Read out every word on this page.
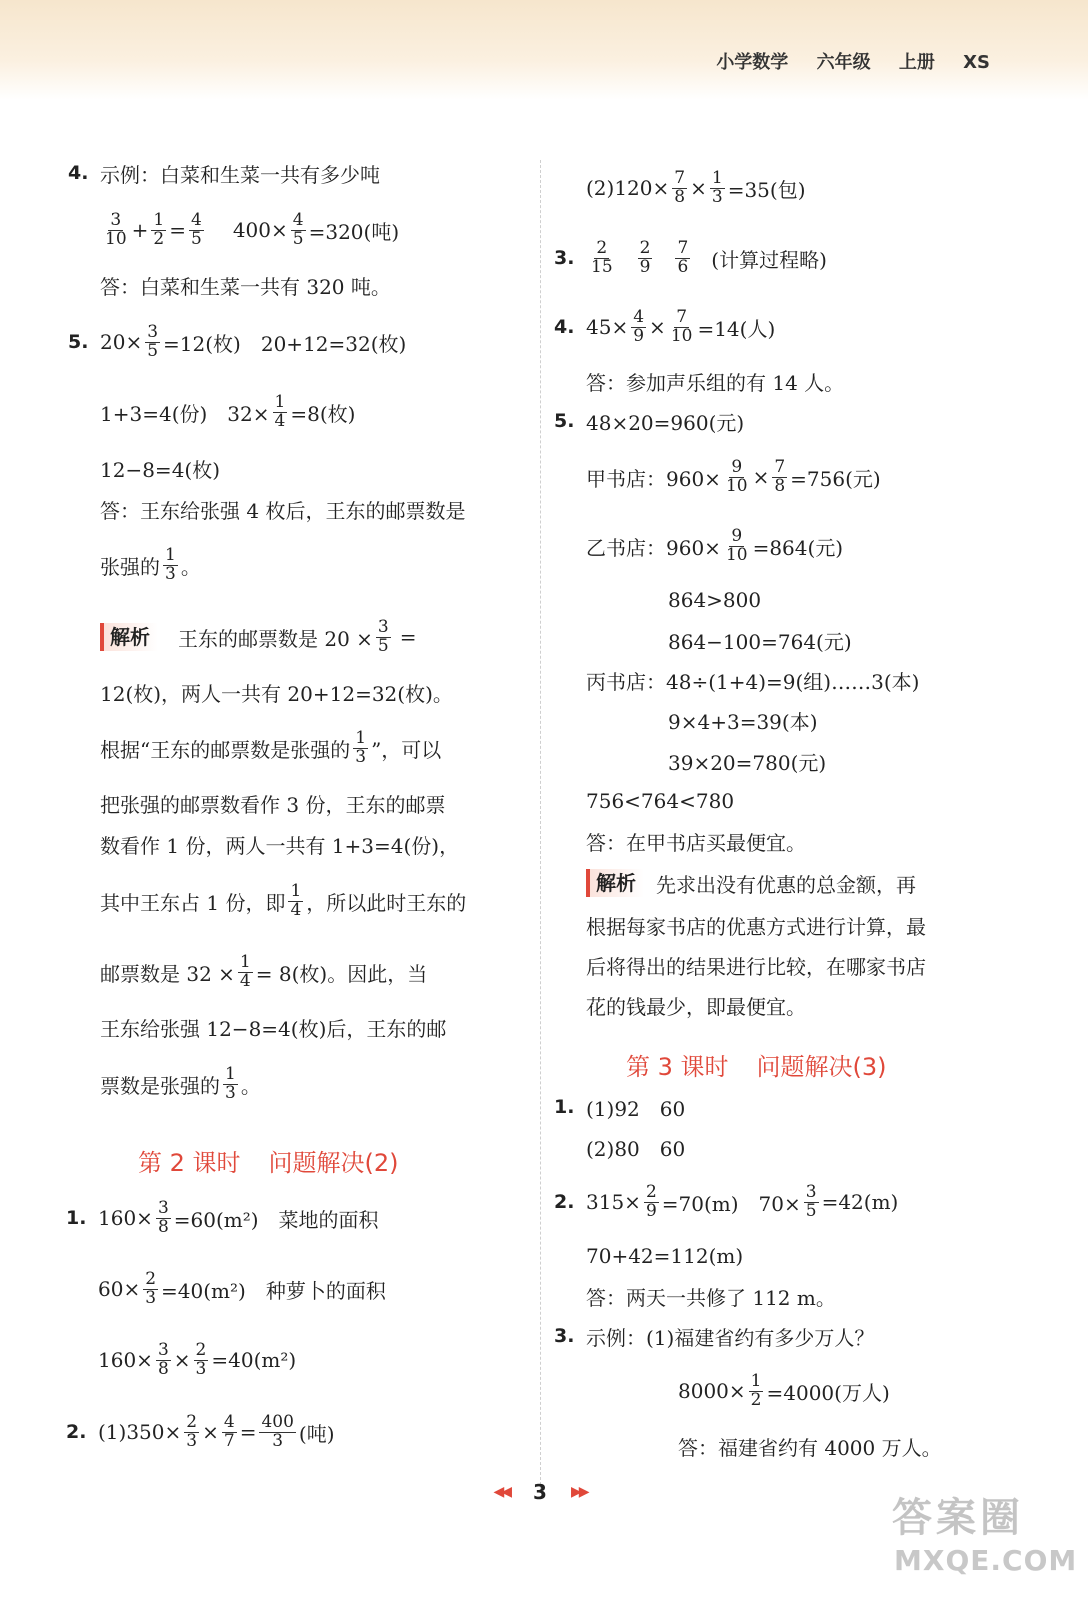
小学数学 六年级 上册 XS
4. 示例：白菜和生菜一共有多少吨
$\frac{3}{10} + \frac{1}{2} = \frac{4}{5} 400\times \frac{4}{5} =320$(吨)
答：白菜和生菜一共有 320 吨。
5. $20\times \frac{3}{5} =12$(枚)　20+12=32(枚)
1+3=4(份)　$32\times \frac{1}{4} =8$(枚)
12−8=4(枚)
答：王东给张强 4 枚后，王东的邮票数是
张强的 $\frac{1}{3}$ 。
解析	王东的邮票数是 $20 \times \frac{3}{5}$ =
12(枚)，两人一共有 20+12=32(枚)。
根据“王东的邮票数是张强的 $\frac{1}{3}$ ”，可以
把张强的邮票数看作 3 份，王东的邮票
数看作 1 份，两人一共有 1+3=4(份)，
其中王东占 1 份，即 $\frac{1}{4}$ ，所以此时王东的
邮票数是 $32 \times \frac{1}{4} = 8$(枚)。因此，当
王东给张强 12−8=4(枚)后，王东的邮
票数是张强的 $\frac{1}{3}$ 。
第 2 课时 问题解决(2)
1. $160\times \frac{3}{8} =60(m^2)$　菜地的面积
$60\times \frac{2}{3} =40(m^2)$　种萝卜的面积
$160\times \frac{3}{8} \times \frac{2}{3} =40(m^2)$
2. $(1)350\times \frac{2}{3} \times \frac{4}{7} = \frac{400}{3}$ (吨)
$(2)120\times \frac{7}{8} \times \frac{1}{3} =35$(包)
3. $\frac{2}{15} \frac{2}{9} \frac{7}{6}$ (计算过程略)
4. $45\times \frac{4}{9} \times \frac{7}{10} =14$(人)
答：参加声乐组的有 14 人。
5. 48×20=960(元)
甲书店：$960\times \frac{9}{10} \times \frac{7}{8} =756$(元)
乙书店：$960\times \frac{9}{10} =864$(元)
864>800
864−100=764(元)
丙书店：48÷(1+4)=9(组)……3(本)
9×4+3=39(本)
39×20=780(元)
756<764<780
答：在甲书店买最便宜。
解析	先求出没有优惠的总金额，再
根据每家书店的优惠方式进行计算，最
后将得出的结果进行比较，在哪家书店
花的钱最少，即最便宜。
第 3 课时 问题解决(3)
1. (1)92　60
(2)80　60
2. $315\times \frac{2}{9} =70(m)$　$70\times \frac{3}{5} =42(m)$
70+42=112(m)
答：两天一共修了 112 m。
3. 示例：(1)福建省约有多少万人？
$8000\times \frac{1}{2} =4000$(万人)
答：福建省约有 4000 万人。
◀◀ 3 ▶▶
答案圈
MXQE.COM
